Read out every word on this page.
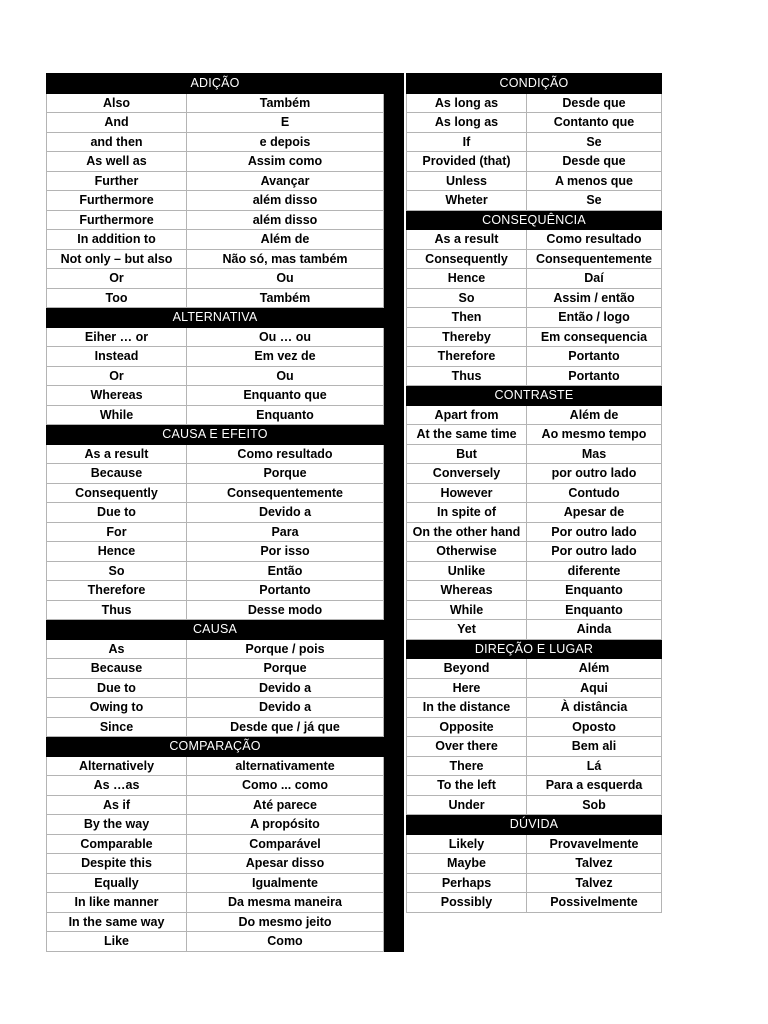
ADIÇÃO	
Also	Também
And	E
and then	e depois
As well as	Assim como
Further	Avançar
Furthermore	além disso
Furthermore	além disso
In addition to	Além de
Not only – but also	Não só, mas também
Or	Ou
Too	Também
ALTERNATIVA	
Eiher … or	Ou … ou
Instead	Em vez de
Or	Ou
Whereas	Enquanto que
While	Enquanto
CAUSA E EFEITO	
As a result	Como resultado
Because	Porque
Consequently	Consequentemente
Due to	Devido a
For	Para
Hence	Por isso
So	Então
Therefore	Portanto
Thus	Desse modo
CAUSA	
As	Porque / pois
Because	Porque
Due to	Devido a
Owing to	Devido a
Since	Desde que / já que
COMPARAÇÃO	
Alternatively	alternativamente
As …as	Como ... como
As if	Até parece
By the way	A propósito
Comparable	Comparável
Despite this	Apesar disso
Equally	Igualmente
In like manner	Da mesma maneira
In the same way	Do mesmo jeito
Like	Como
CONDIÇÃO	
As long as	Desde que
As long as	Contanto que
If	Se
Provided (that)	Desde que
Unless	A menos que
Wheter	Se
CONSEQUÊNCIA	
As a result	Como resultado
Consequently	Consequentemente
Hence	Daí
So	Assim / então
Then	Então / logo
Thereby	Em consequencia
Therefore	Portanto
Thus	Portanto
CONTRASTE	
Apart from	Além de
At the same time	Ao mesmo tempo
But	Mas
Conversely	por outro lado
However	Contudo
In spite of	Apesar de
On the other hand	Por outro lado
Otherwise	Por outro lado
Unlike	diferente
Whereas	Enquanto
While	Enquanto
Yet	Ainda
DIREÇÃO E LUGAR	
Beyond	Além
Here	Aqui
In the distance	À distância
Opposite	Oposto
Over there	Bem ali
There	Lá
To the left	Para a esquerda
Under	Sob
DÚVIDA	
Likely	Provavelmente
Maybe	Talvez
Perhaps	Talvez
Possibly	Possivelmente
